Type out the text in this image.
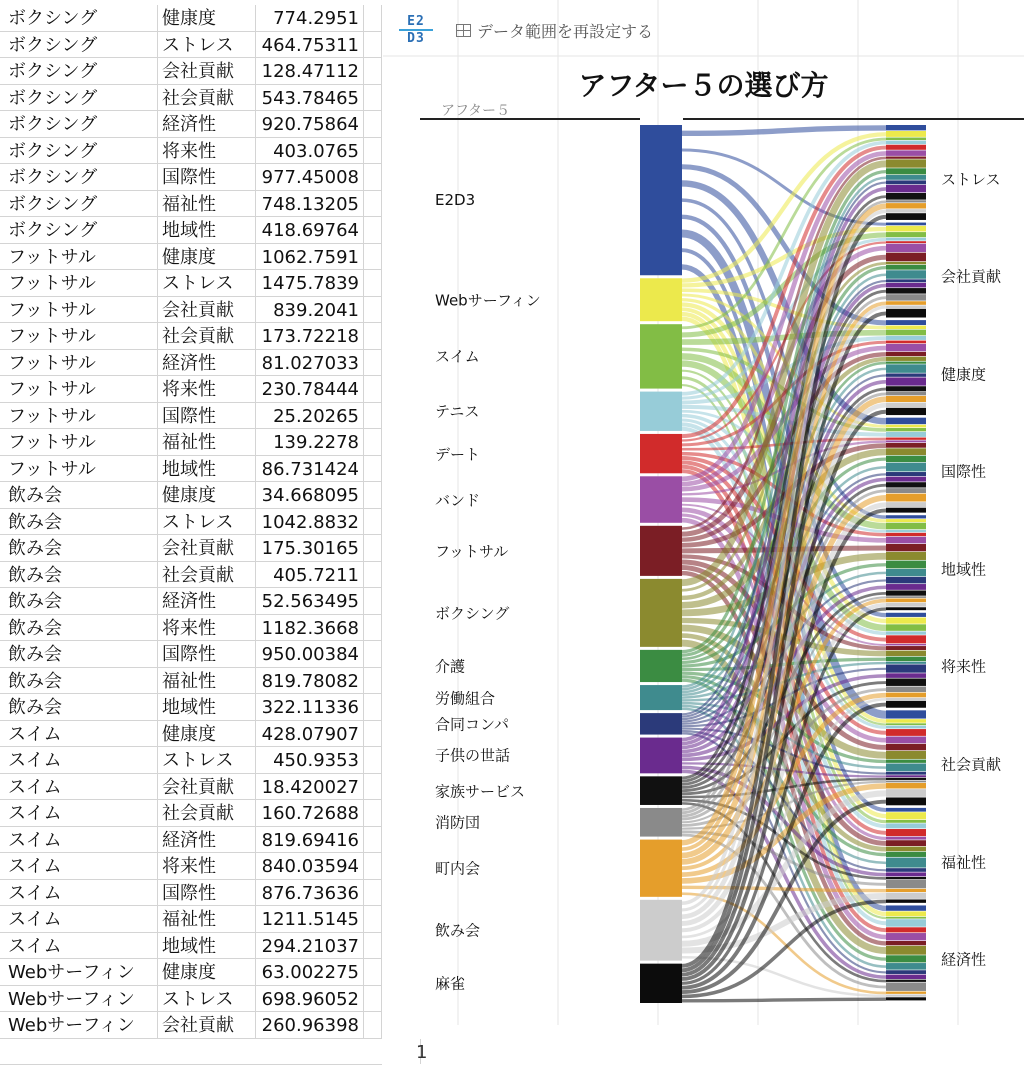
ボクシング	健康度	774.2951
ボクシング	ストレス	464.75311
ボクシング	会社貢献	128.47112
ボクシング	社会貢献	543.78465
ボクシング	経済性	920.75864
ボクシング	将来性	403.0765
ボクシング	国際性	977.45008
ボクシング	福祉性	748.13205
ボクシング	地域性	418.69764
フットサル	健康度	1062.7591
フットサル	ストレス	1475.7839
フットサル	会社貢献	839.2041
フットサル	社会貢献	173.72218
フットサル	経済性	81.027033
フットサル	将来性	230.78444
フットサル	国際性	25.20265
フットサル	福祉性	139.2278
フットサル	地域性	86.731424
飲み会	健康度	34.668095
飲み会	ストレス	1042.8832
飲み会	会社貢献	175.30165
飲み会	社会貢献	405.7211
飲み会	経済性	52.563495
飲み会	将来性	1182.3668
飲み会	国際性	950.00384
飲み会	福祉性	819.78082
飲み会	地域性	322.11336
スイム	健康度	428.07907
スイム	ストレス	450.9353
スイム	会社貢献	18.420027
スイム	社会貢献	160.72688
スイム	経済性	819.69416
スイム	将来性	840.03594
スイム	国際性	876.73636
スイム	福祉性	1211.5145
スイム	地域性	294.21037
Webサーフィン	健康度	63.002275
Webサーフィン	ストレス	698.96052
Webサーフィン	会社貢献	260.96398
1
E2
D3	データ範囲を再設定する
アフター５の選び方
アフター５
E2D3
Webサーフィン
スイム
テニス
デート
バンド
フットサル
ボクシング
介護
労働組合
合同コンパ
子供の世話
家族サービス
消防団
町内会
飲み会
麻雀
ストレス
会社貢献
健康度
国際性
地域性
将来性
社会貢献
福祉性
経済性
